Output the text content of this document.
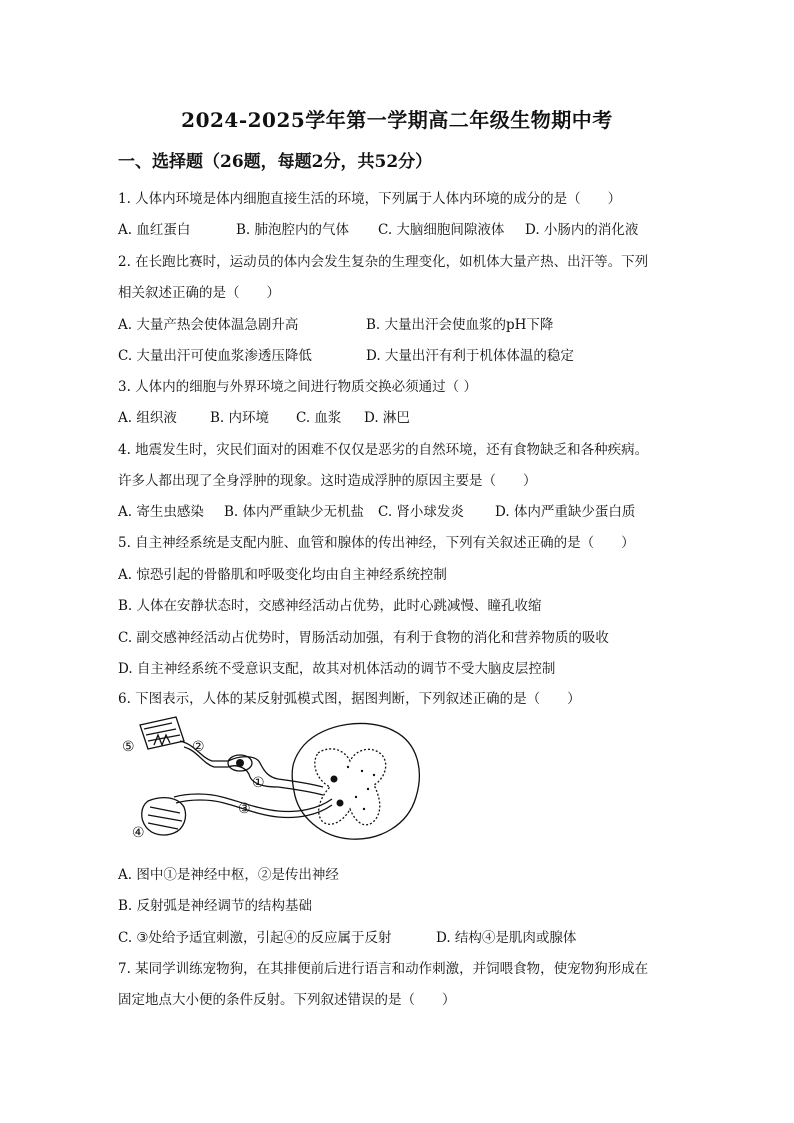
2024-2025学年第一学期高二年级生物期中考
一、选择题（26题，每题2分，共52分）
1. 人体内环境是体内细胞直接生活的环境，下列属于人体内环境的成分的是（　　）
A. 血红蛋白	B. 肺泡腔内的气体 C. 大脑细胞间隙液体 D. 小肠内的消化液
2. 在长跑比赛时，运动员的体内会发生复杂的生理变化，如机体大量产热、出汗等。下列
相关叙述正确的是（　　）
A. 大量产热会使体温急剧升高	B. 大量出汗会使血浆的pH下降
C. 大量出汗可使血浆渗透压降低	D. 大量出汗有利于机体体温的稳定
3. 人体内的细胞与外界环境之间进行物质交换必须通过（ ）
A. 组织液 B. 内环境 C. 血浆 D. 淋巴
4. 地震发生时，灾民们面对的困难不仅仅是恶劣的自然环境，还有食物缺乏和各种疾病。
许多人都出现了全身浮肿的现象。这时造成浮肿的原因主要是（　　）
A. 寄生虫感染 B. 体内严重缺少无机盐 C. 肾小球发炎 D. 体内严重缺少蛋白质
5. 自主神经系统是支配内脏、血管和腺体的传出神经，下列有关叙述正确的是（　　）
A. 惊恐引起的骨骼肌和呼吸变化均由自主神经系统控制
B. 人体在安静状态时，交感神经活动占优势，此时心跳减慢、瞳孔收缩
C. 副交感神经活动占优势时，胃肠活动加强，有利于食物的消化和营养物质的吸收
D. 自主神经系统不受意识支配，故其对机体活动的调节不受大脑皮层控制
6. 下图表示，人体的某反射弧模式图，据图判断，下列叙述正确的是（　　）
⑤	②
①
③
④
A. 图中①是神经中枢，②是传出神经
B. 反射弧是神经调节的结构基础
C. ③处给予适宜刺激，引起④的反应属于反射	D. 结构④是肌肉或腺体
7. 某同学训练宠物狗，在其排便前后进行语言和动作刺激，并饲喂食物，使宠物狗形成在
固定地点大小便的条件反射。下列叙述错误的是（　　）
